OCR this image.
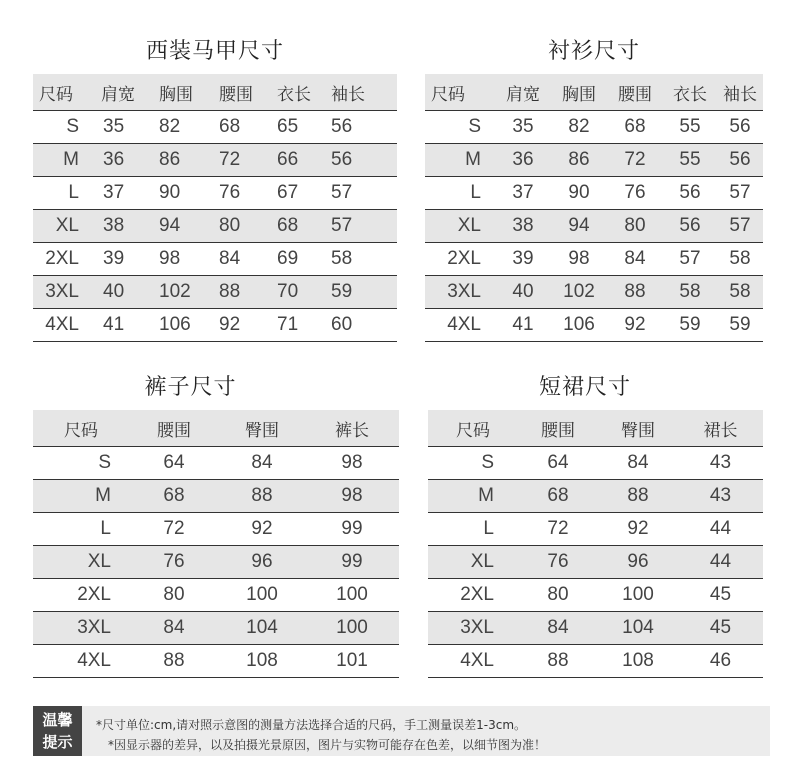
西装马甲尺寸	衬衫尺寸
裤子尺寸	短裙尺寸
尺码	肩宽	胸围	腰围	衣长	袖长
S	35	82	68	65	56
M	36	86	72	66	56
L	37	90	76	67	57
XL	38	94	80	68	57
2XL	39	98	84	69	58
3XL	40	102	88	70	59
4XL	41	106	92	71	60
尺码	肩宽	胸围	腰围	衣长	袖长
S	35	82	68	55	56
M	36	86	72	55	56
L	37	90	76	56	57
XL	38	94	80	56	57
2XL	39	98	84	57	58
3XL	40	102	88	58	58
4XL	41	106	92	59	59
尺码	腰围	臀围	裤长
S	64	84	98
M	68	88	98
L	72	92	99
XL	76	96	99
2XL	80	100	100
3XL	84	104	100
4XL	88	108	101
尺码	腰围	臀围	裙长
S	64	84	43
M	68	88	43
L	72	92	44
XL	76	96	44
2XL	80	100	45
3XL	84	104	45
4XL	88	108	46
温馨
提示
*尺寸单位:cm,请对照示意图的测量方法选择合适的尺码，手工测量误差1-3cm。
*因显示器的差异，以及拍摄光景原因，图片与实物可能存在色差，以细节图为准！
